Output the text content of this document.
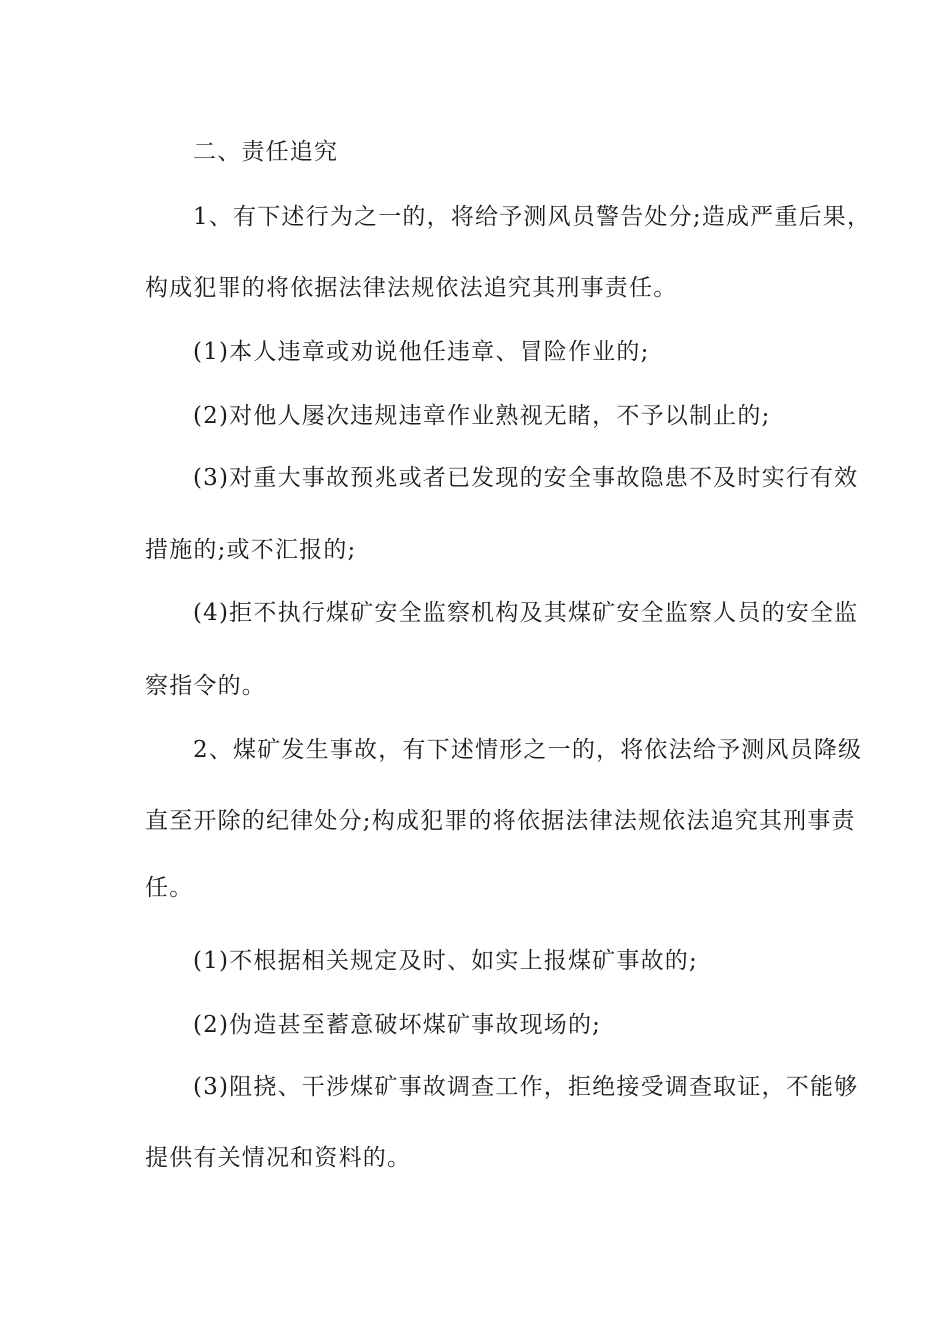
二、责任追究
1、有下述行为之一的，将给予测风员警告处分;造成严重后果，
构成犯罪的将依据法律法规依法追究其刑事责任。
(1)本人违章或劝说他任违章、冒险作业的;
(2)对他人屡次违规违章作业熟视无睹，不予以制止的;
(3)对重大事故预兆或者已发现的安全事故隐患不及时实行有效
措施的;或不汇报的;
(4)拒不执行煤矿安全监察机构及其煤矿安全监察人员的安全监
察指令的。
2、煤矿发生事故，有下述情形之一的，将依法给予测风员降级
直至开除的纪律处分;构成犯罪的将依据法律法规依法追究其刑事责
任。
(1)不根据相关规定及时、如实上报煤矿事故的;
(2)伪造甚至蓄意破坏煤矿事故现场的;
(3)阻挠、干涉煤矿事故调查工作，拒绝接受调查取证，不能够
提供有关情况和资料的。
